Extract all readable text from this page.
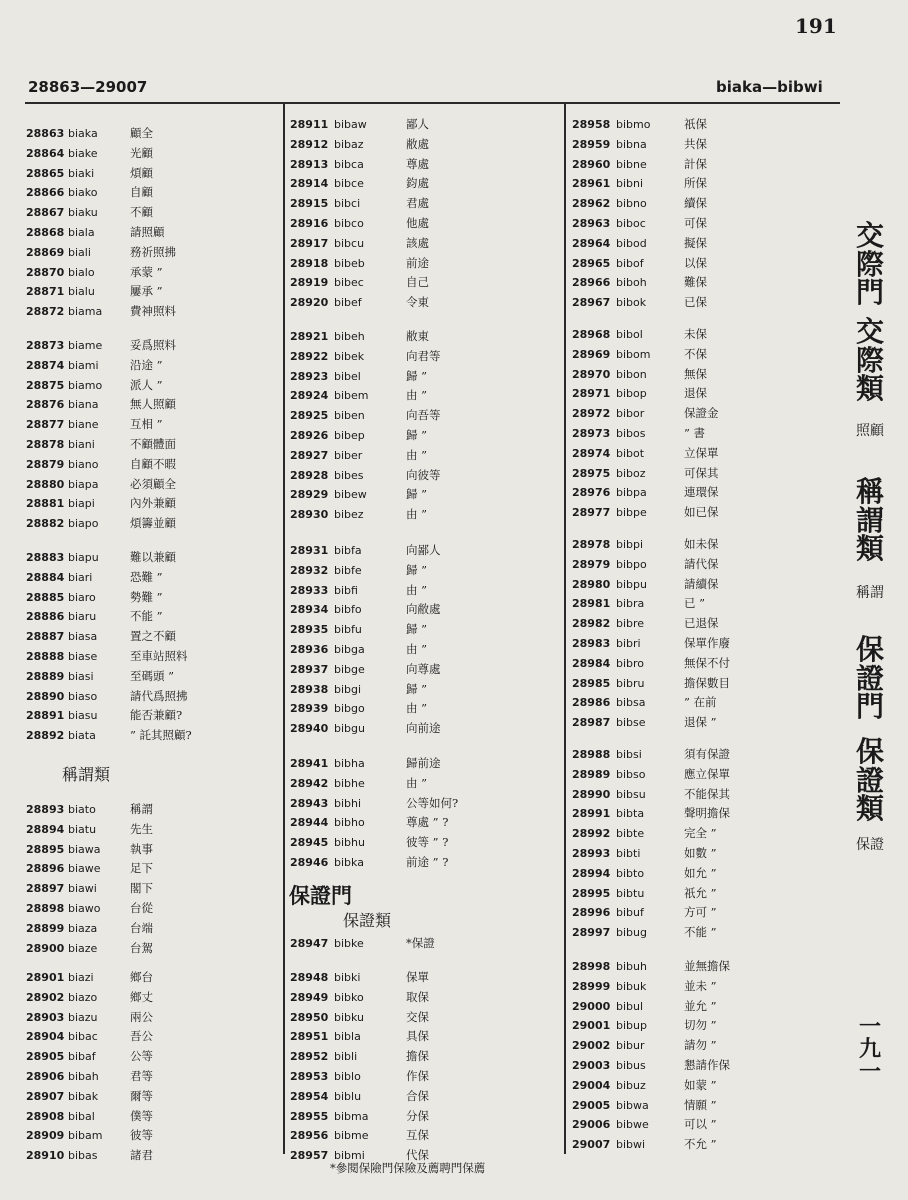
191
28863—29007	biaka—bibwi
28863 biaka	顧全
28864 biake	光顧
28865 biaki	煩顧
28866 biako	自顧
28867 biaku	不顧
28868 biala	請照顧
28869 biali	務祈照拂
28870 bialo	承蒙 ”
28871 bialu	屢承 ”
28872 biama 費神照料
28873 biame 妥爲照料
28874 biami	沿途 ”
28875 biamo 派人 ”
28876 biana	無人照顧
28877 biane	互相 ”
28878 biani	不顧體面
28879 biano	自顧不暇
28880 biapa	必須顧全
28881 biapi	內外兼顧
28882 biapo	煩籌並顧
28883 biapu	難以兼顧
28884 biari	恐難 ”
28885 biaro	勢難 ”
28886 biaru	不能 ”
28887 biasa	置之不顧
28888 biase	至車站照料
28889 biasi	至碼頭 ”
28890 biaso	請代爲照拂
28891 biasu	能否兼顧?
28892 biata	” 託其照顧?
28893 biato	稱謂
28894 biatu	先生
28895 biawa	執事
28896 biawe	足下
28897 biawi	閣下
28898 biawo	台從
28899 biaza	台端
28900 biaze	台駕
28901 biazi	鄉台
28902 biazo	鄉丈
28903 biazu	兩公
28904 bibac	吾公
28905 bibaf	公等
28906 bibah	君等
28907 bibak	爾等
28908 bibal	僕等
28909 bibam 彼等
28910 bibas	諸君
28911 bibaw	鄙人
28912 bibaz	敝處
28913 bibca	尊處
28914 bibce	鈞處
28915 bibci	君處
28916 bibco	他處
28917 bibcu	該處
28918 bibeb	前途
28919 bibec	自己
28920 bibef	令東
28921 bibeh	敝東
28922 bibek	向君等
28923 bibel	歸 ”
28924 bibem	由 ”
28925 biben	向吾等
28926 bibep	歸 ”
28927 biber	由 ”
28928 bibes	向彼等
28929 bibew	歸 ”
28930 bibez	由 ”
28931 bibfa	向鄙人
28932 bibfe	歸 ”
28933 bibfi	由 ”
28934 bibfo	向敝處
28935 bibfu	歸 ”
28936 bibga	由 ”
28937 bibge	向尊處
28938 bibgi	歸 ”
28939 bibgo	由 ”
28940 bibgu	向前途
28941 bibha	歸前途
28942 bibhe	由 ”
28943 bibhi	公等如何?
28944 bibho	尊處 ” ?
28945 bibhu	彼等 ” ?
28946 bibka	前途 ” ?
28947 bibke	*保證
28948 bibki	保單
28949 bibko	取保
28950 bibku	交保
28951 bibla	具保
28952 bibli	擔保
28953 biblo	作保
28954 biblu	合保
28955 bibma	分保
28956 bibme	互保
28957 bibmi	代保
28958 bibmo	祇保
28959 bibna	共保
28960 bibne	計保
28961 bibni	所保
28962 bibno	續保
28963 biboc	可保
28964 bibod	擬保
28965 bibof	以保
28966 biboh	難保
28967 bibok	已保
28968 bibol	未保
28969 bibom	不保
28970 bibon	無保
28971 bibop	退保
28972 bibor	保證金
28973 bibos	” 書
28974 bibot	立保單
28975 biboz	可保其
28976 bibpa	連環保
28977 bibpe	如已保
28978 bibpi	如未保
28979 bibpo	請代保
28980 bibpu	請續保
28981 bibra	已 ”
28982 bibre	已退保
28983 bibri	保單作廢
28984 bibro	無保不付
28985 bibru	擔保數目
28986 bibsa	” 在前
28987 bibse	退保 ”
28988 bibsi	須有保證
28989 bibso	應立保單
28990 bibsu	不能保其
28991 bibta	聲明擔保
28992 bibte	完全 ”
28993 bibti	如數 ”
28994 bibto	如允 ”
28995 bibtu	祇允 ”
28996 bibuf	方可 ”
28997 bibug	不能 ”
28998 bibuh	並無擔保
28999 bibuk	並未 ”
29000 bibul	並允 ”
29001 bibup	切勿 ”
29002 bibur	請勿 ”
29003 bibus	懇請作保
29004 bibuz	如蒙 ”
29005 bibwa	情願 ”
29006 bibwe	可以 ”
29007 bibwi	不允 ”
稱謂類
保證門
保證類
*參閱保險門保險及薦聘門保薦
交際門
交際類
照顧
稱謂類
稱謂
保證門
保證類
保證
一九一
